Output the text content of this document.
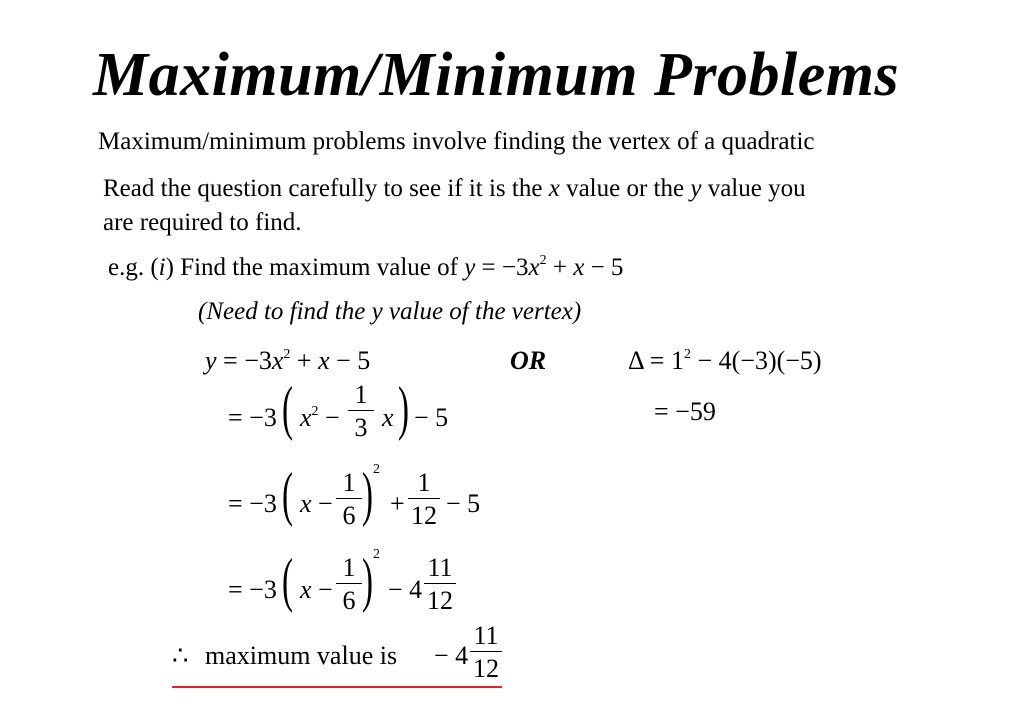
Maximum/Minimum Problems
Maximum/minimum problems involve finding the vertex of a quadratic
Read the question carefully to see if it is the x value or the y value you
are required to find.
e.g. (i) Find the maximum value of $y = -3x^2 + x - 5$
(Need to find the y value of the vertex)
$y = -3x^2 + x - 5$	OR	$\Delta = 1^2 - 4(-3)(-5)$
= −59
= −3 ( $x^2$ −
1
3 x ) − 5
= −3 ( x −
1
6 ) 2
+
1
12 − 5
= −3 ( x −
1
6 ) 2
− 4
11
12
∴ maximum value is − 4
11
12
